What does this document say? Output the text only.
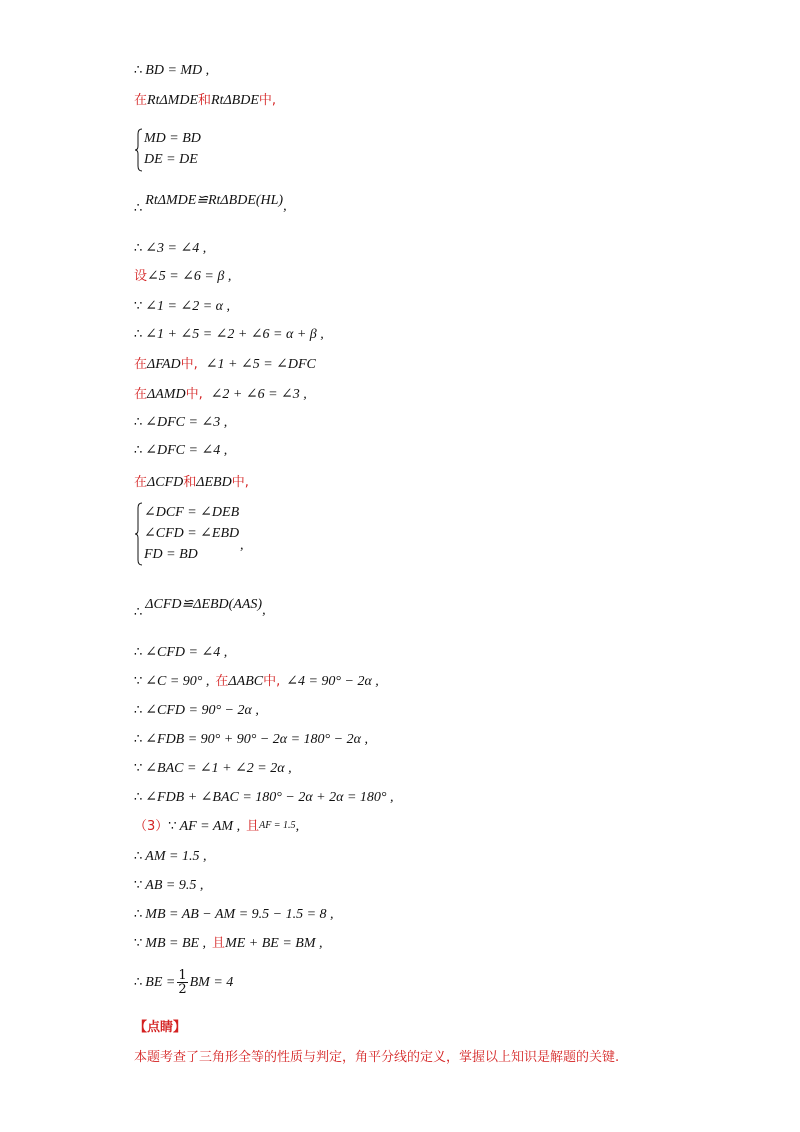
∴ BD = MD ,
在RtΔMDE和RtΔBDE中,
MD = BD
DE = DE
∴RtΔMDE≌RtΔBDE(HL),
∴ ∠3 = ∠4 ,
设∠5 = ∠6 = β ,
∵ ∠1 = ∠2 = α ,
∴ ∠1 + ∠5 = ∠2 + ∠6 = α + β ,
在ΔFAD中, ∠1 + ∠5 = ∠DFC
在ΔAMD中, ∠2 + ∠6 = ∠3 ,
∴ ∠DFC = ∠3 ,
∴ ∠DFC = ∠4 ,
在ΔCFD和ΔEBD中,
∠DCF = ∠DEB
∠CFD = ∠EBD
FD = BD
,
∴ΔCFD≌ΔEBD(AAS),
∴ ∠CFD = ∠4 ,
∵ ∠C = 90° , 在ΔABC中, ∠4 = 90° − 2α ,
∴ ∠CFD = 90° − 2α ,
∴ ∠FDB = 90° + 90° − 2α = 180° − 2α ,
∵ ∠BAC = ∠1 + ∠2 = 2α ,
∴ ∠FDB + ∠BAC = 180° − 2α + 2α = 180° ,
（3）∵ AF = AM , 且AF = 1.5,
∴ AM = 1.5 ,
∵ AB = 9.5 ,
∴ MB = AB − AM = 9.5 − 1.5 = 8 ,
∵ MB = BE , 且ME + BE = BM ,
∴ BE = $\frac{1}{2}$ BM = 4
【点睛】
本题考查了三角形全等的性质与判定，角平分线的定义，掌握以上知识是解题的关键.
